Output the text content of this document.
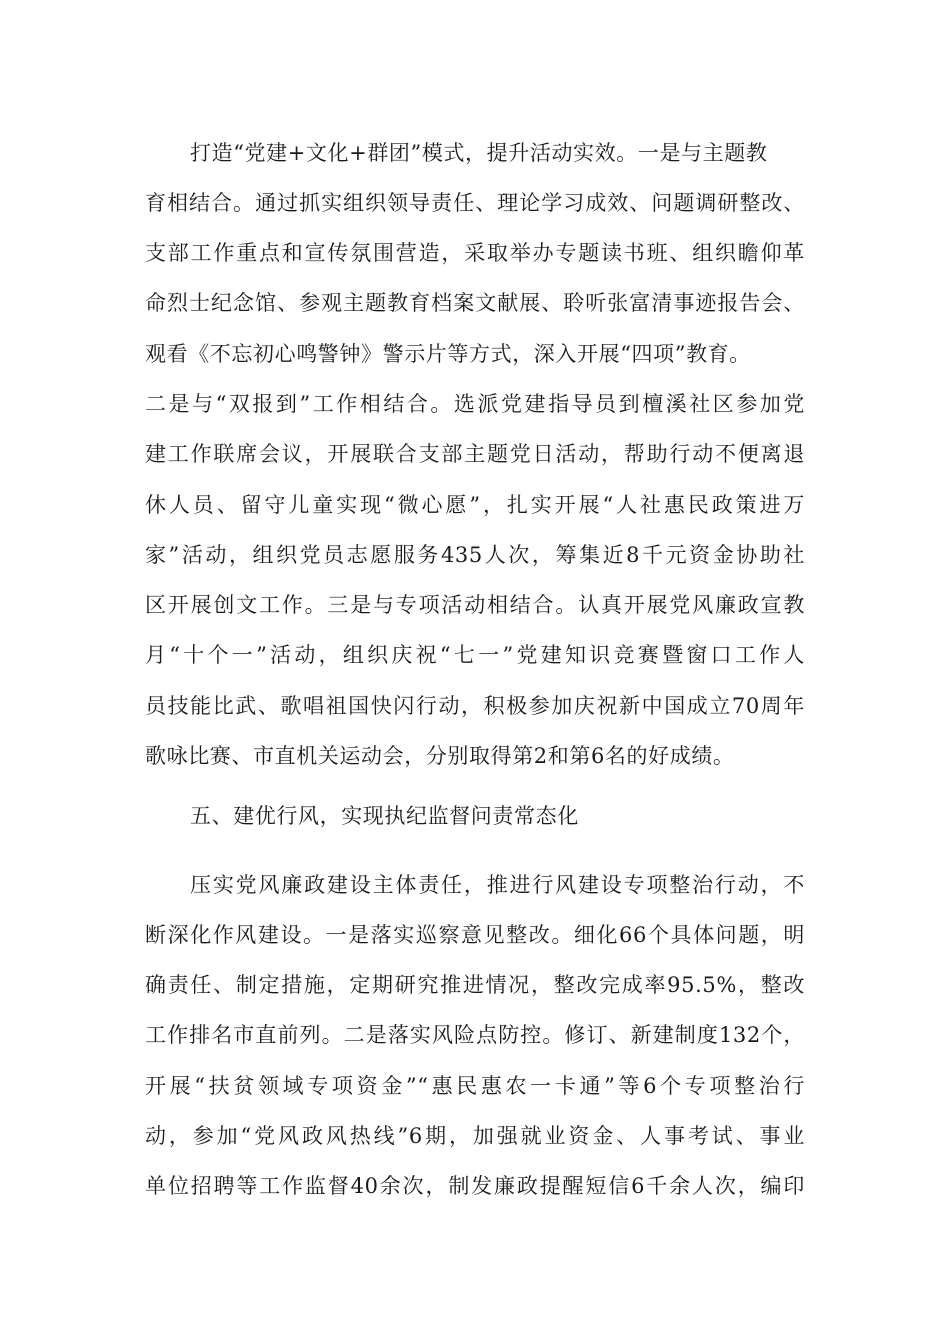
打造“党建+文化+群团”模式，提升活动实效。一是与主题教
育相结合。通过抓实组织领导责任、理论学习成效、问题调研整改、
支部工作重点和宣传氛围营造，采取举办专题读书班、组织瞻仰革
命烈士纪念馆、参观主题教育档案文献展、聆听张富清事迹报告会、
观看《不忘初心鸣警钟》警示片等方式，深入开展“四项”教育。
二是与“双报到”工作相结合。选派党建指导员到檀溪社区参加党
建工作联席会议，开展联合支部主题党日活动，帮助行动不便离退
休人员、留守儿童实现“微心愿”，扎实开展“人社惠民政策进万
家”活动，组织党员志愿服务435人次，筹集近8千元资金协助社
区开展创文工作。三是与专项活动相结合。认真开展党风廉政宣教
月“十个一”活动，组织庆祝“七一”党建知识竞赛暨窗口工作人
员技能比武、歌唱祖国快闪行动，积极参加庆祝新中国成立70周年
歌咏比赛、市直机关运动会，分别取得第2和第6名的好成绩。
五、建优行风，实现执纪监督问责常态化
压实党风廉政建设主体责任，推进行风建设专项整治行动，不
断深化作风建设。一是落实巡察意见整改。细化66个具体问题，明
确责任、制定措施，定期研究推进情况，整改完成率95.5%，整改
工作排名市直前列。二是落实风险点防控。修订、新建制度132个，
开展“扶贫领域专项资金”“惠民惠农一卡通”等6个专项整治行
动，参加“党风政风热线”6期，加强就业资金、人事考试、事业
单位招聘等工作监督40余次，制发廉政提醒短信6千余人次，编印
